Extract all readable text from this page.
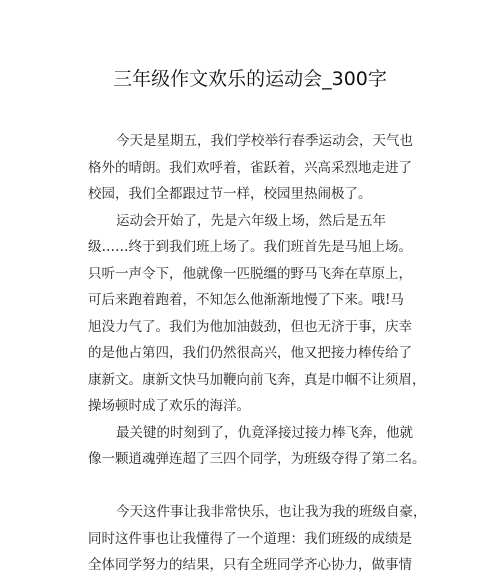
三年级作文欢乐的运动会_300字
今天是星期五，我们学校举行春季运动会，天气也
格外的晴朗。我们欢呼着，雀跃着，兴高采烈地走进了
校园，我们全都跟过节一样，校园里热闹极了。
运动会开始了，先是六年级上场，然后是五年
级……终于到我们班上场了。我们班首先是马旭上场。
只听一声令下，他就像一匹脱缰的野马飞奔在草原上，
可后来跑着跑着，不知怎么他渐渐地慢了下来。哦!马
旭没力气了。我们为他加油鼓劲，但也无济于事，庆幸
的是他占第四，我们仍然很高兴，他又把接力棒传给了
康新文。康新文快马加鞭向前飞奔，真是巾帼不让须眉，
操场顿时成了欢乐的海洋。
最关键的时刻到了，仇竟泽接过接力棒飞奔，他就
像一颗逍魂弹连超了三四个同学，为班级夺得了第二名。
今天这件事让我非常快乐，也让我为我的班级自豪，
同时这件事也让我懂得了一个道理：我们班级的成绩是
全体同学努力的结果，只有全班同学齐心协力，做事情
